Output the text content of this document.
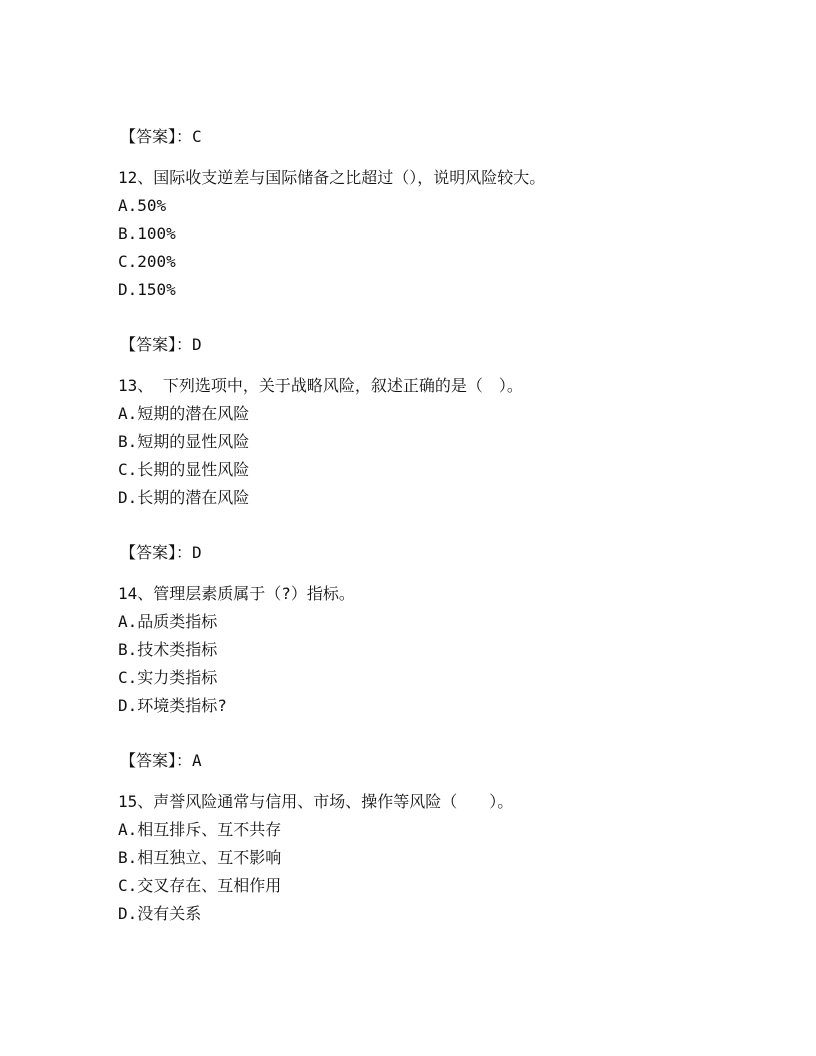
【答案】：C
12、国际收支逆差与国际储备之比超过（），说明风险较大。
A.50%
B.100%
C.200%
D.150%
【答案】：D
13、 下列选项中，关于战略风险，叙述正确的是（　）。
A.短期的潜在风险
B.短期的显性风险
C.长期的显性风险
D.长期的潜在风险
【答案】：D
14、管理层素质属于（?）指标。
A.品质类指标
B.技术类指标
C.实力类指标
D.环境类指标?
【答案】：A
15、声誉风险通常与信用、市场、操作等风险（　　）。
A.相互排斥、互不共存
B.相互独立、互不影响
C.交叉存在、互相作用
D.没有关系
